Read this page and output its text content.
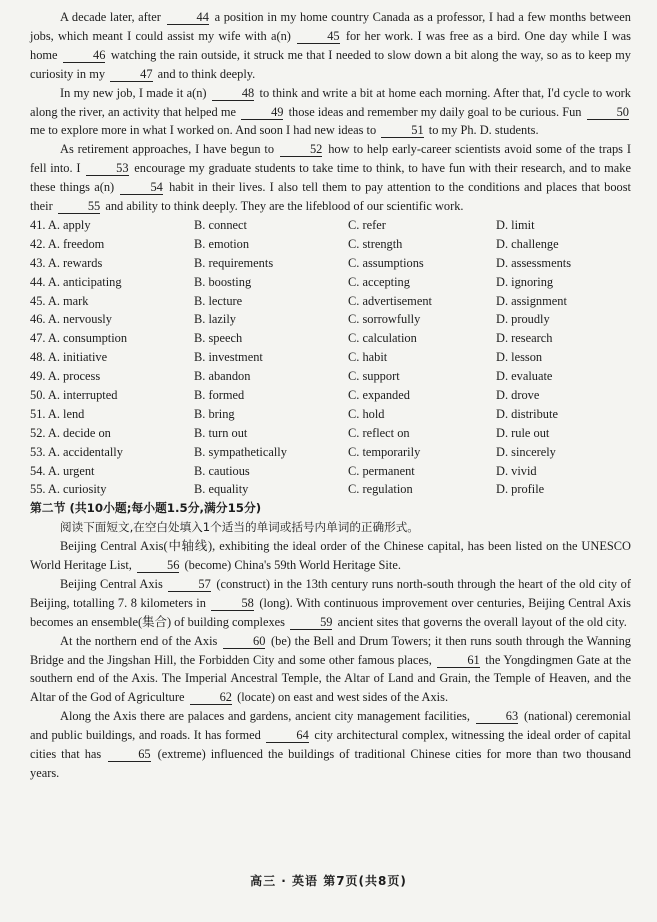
A decade later, after	44 a position in my home country Canada as a professor, I had a few months between jobs, which meant I could assist my wife with a(n)	45 for her work. I was free as a bird. One day while I was home	46 watching the rain outside, it struck me that I needed to slow down a bit along the way, so as to keep my curiosity in my	47 and to think deeply.

In my new job, I made it a(n)	48 to think and write a bit at home each morning. After that, I'd cycle to work along the river, an activity that helped me	49 those ideas and remember my daily goal to be curious. Fun	50 me to explore more in what I worked on. And soon I had new ideas to	51 to my Ph. D. students.

As retirement approaches, I have begun to	52 how to help early-career scientists avoid some of the traps I fell into. I	53 encourage my graduate students to take time to think, to have fun with their research, and to make these things a(n)	54 habit in their lives. I also tell them to pay attention to the conditions and places that boost their	55 and ability to think deeply. They are the lifeblood of our scientific work.

41. A. apply	B. connect	C. refer	D. limit
42. A. freedom	B. emotion	C. strength	D. challenge
43. A. rewards	B. requirements	C. assumptions	D. assessments
44. A. anticipating	B. boosting	C. accepting	D. ignoring
45. A. mark	B. lecture	C. advertisement	D. assignment
46. A. nervously	B. lazily	C. sorrowfully	D. proudly
47. A. consumption	B. speech	C. calculation	D. research
48. A. initiative	B. investment	C. habit	D. lesson
49. A. process	B. abandon	C. support	D. evaluate
50. A. interrupted	B. formed	C. expanded	D. drove
51. A. lend	B. bring	C. hold	D. distribute
52. A. decide on	B. turn out	C. reflect on	D. rule out
53. A. accidentally	B. sympathetically	C. temporarily	D. sincerely
54. A. urgent	B. cautious	C. permanent	D. vivid
55. A. curiosity	B. equality	C. regulation	D. profile

第二节 (共10小题;每小题1.5分,满分15分)

阅读下面短文,在空白处填入1个适当的单词或括号内单词的正确形式。

Beijing Central Axis(中轴线), exhibiting the ideal order of the Chinese capital, has been listed on the UNESCO World Heritage List,	56 (become) China's 59th World Heritage Site.

Beijing Central Axis	57 (construct) in the 13th century runs north-south through the heart of the old city of Beijing, totalling 7. 8 kilometers in	58 (long). With continuous improvement over centuries, Beijing Central Axis becomes an ensemble(集合) of building complexes	59 ancient sites that governs the overall layout of the old city.

At the northern end of the Axis	60 (be) the Bell and Drum Towers; it then runs south through the Wanning Bridge and the Jingshan Hill, the Forbidden City and some other famous places,	61 the Yongdingmen Gate at the southern end of the Axis. The Imperial Ancestral Temple, the Altar of Land and Grain, the Temple of Heaven, and the Altar of the God of Agriculture	62 (locate) on east and west sides of the Axis.

Along the Axis there are palaces and gardens, ancient city management facilities,	63 (national) ceremonial and public buildings, and roads. It has formed	64 city architectural complex, witnessing the ideal order of capital cities that has	65 (extreme) influenced the buildings of traditional Chinese cities for more than two thousand years.

高三 · 英语 第7页(共8页)
